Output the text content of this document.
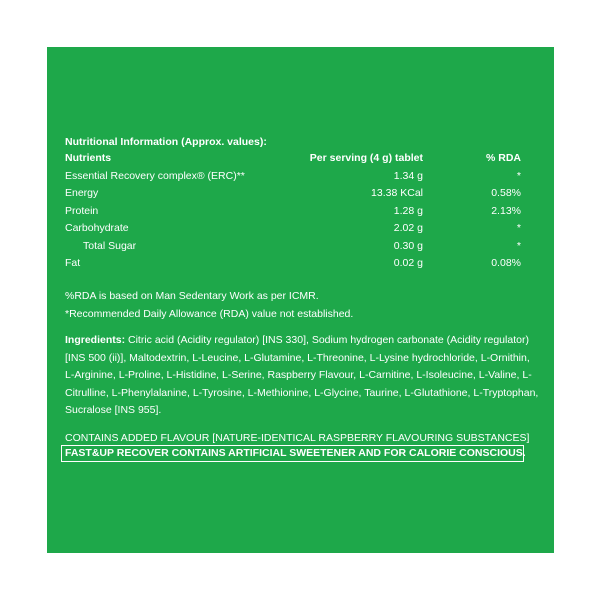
Nutritional Information (Approx. values):
Nutrients	Per serving (4 g) tablet	% RDA
Essential Recovery complex® (ERC)**	1.34 g	*
Energy	13.38 KCal	0.58%
Protein	1.28 g	2.13%
Carbohydrate	2.02 g	*
Total Sugar	0.30 g	*
Fat	0.02 g	0.08%
%RDA is based on Man Sedentary Work as per ICMR.
*Recommended Daily Allowance (RDA) value not established.
Ingredients: Citric acid (Acidity regulator) [INS 330], Sodium hydrogen carbonate (Acidity regulator) [INS 500 (ii)], Maltodextrin, L-Leucine, L-Glutamine, L-Threonine, L-Lysine hydrochloride, L-Ornithin, L-Arginine, L-Proline, L-Histidine, L-Serine, Raspberry Flavour, L-Carnitine, L-Isoleucine, L-Valine, L-Citrulline, L-Phenylalanine, L-Tyrosine, L-Methionine, L-Glycine, Taurine, L-Glutathione, L-Tryptophan, Sucralose [INS 955].
CONTAINS ADDED FLAVOUR [NATURE-IDENTICAL RASPBERRY FLAVOURING SUBSTANCES]
FAST&UP RECOVER CONTAINS ARTIFICIAL SWEETENER AND FOR CALORIE CONSCIOUS.
